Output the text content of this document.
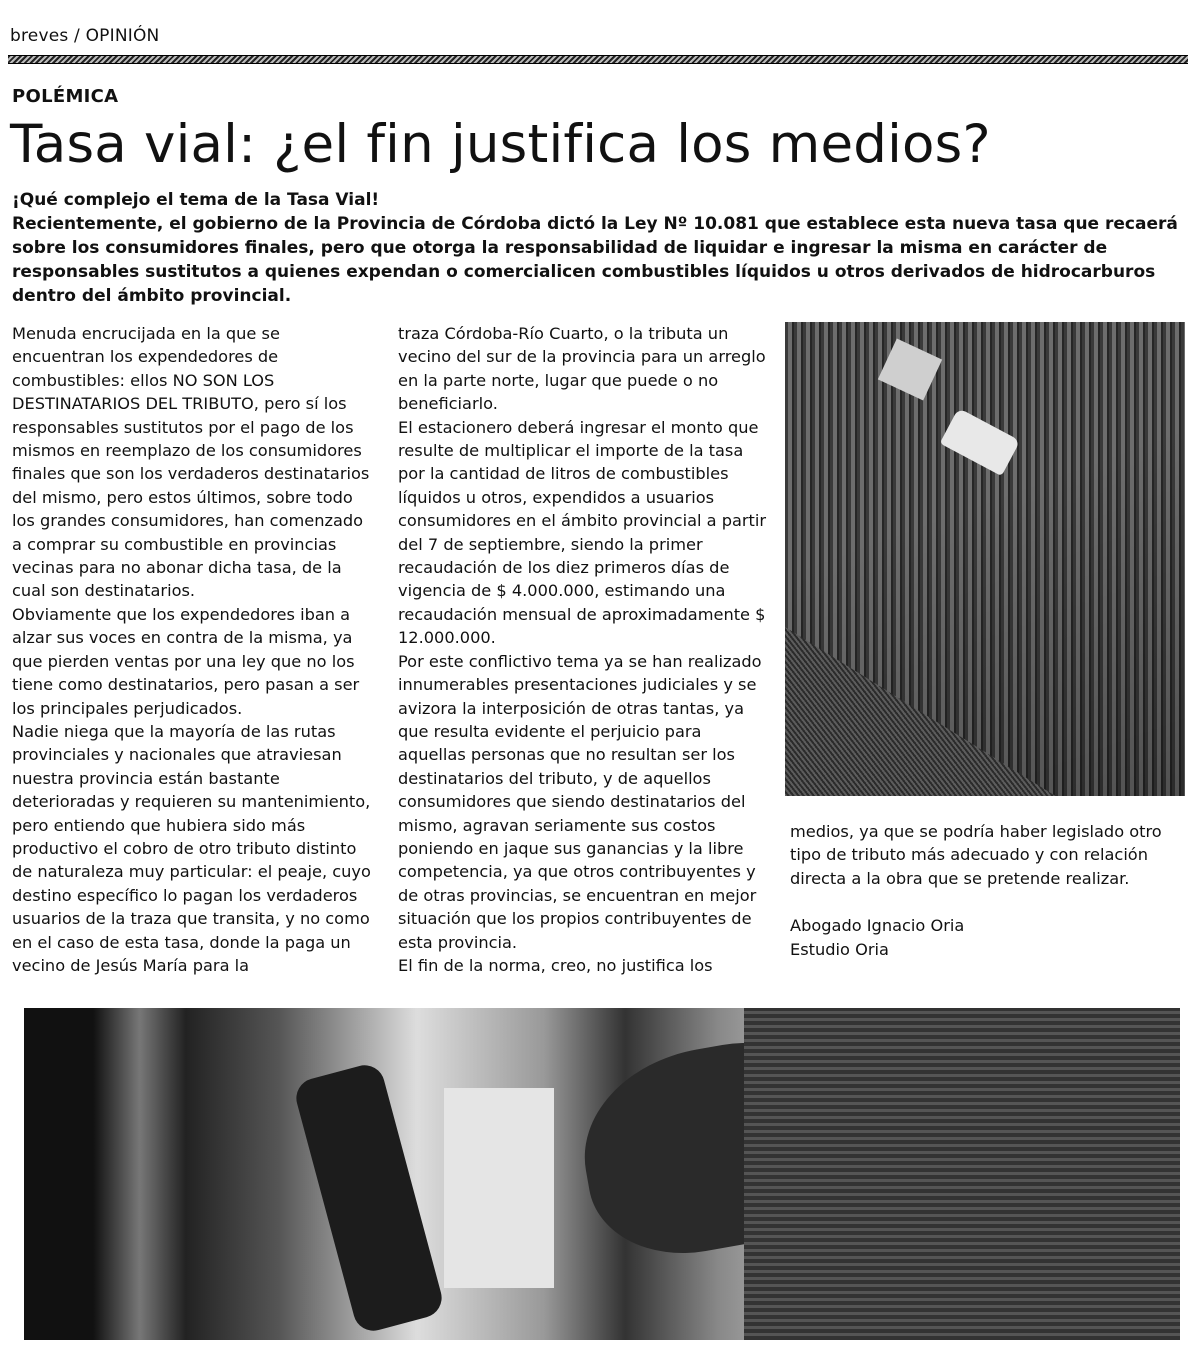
breves / OPINIÓN
POLÉMICA
Tasa vial: ¿el fin justifica los medios?

¡Qué complejo el tema de la Tasa Vial!

Recientemente, el gobierno de la Provincia de Córdoba dictó la Ley Nº 10.081 que establece esta nueva tasa que recaerá sobre los consumidores finales, pero que otorga la responsabilidad de liquidar e ingresar la misma en carácter de responsables sustitutos a quienes expendan o comercialicen combustibles líquidos u otros derivados de hidrocarburos dentro del ámbito provincial.

Menuda encrucijada en la que se encuentran los expendedores de combustibles: ellos NO SON LOS DESTINATARIOS DEL TRIBUTO, pero sí los responsables sustitutos por el pago de los mismos en reemplazo de los consumidores finales que son los verdaderos destinatarios del mismo, pero estos últimos, sobre todo los grandes consumidores, han comenzado a comprar su combustible en provincias vecinas para no abonar dicha tasa, de la cual son destinatarios.

Obviamente que los expendedores iban a alzar sus voces en contra de la misma, ya que pierden ventas por una ley que no los tiene como destinatarios, pero pasan a ser los principales perjudicados.

Nadie niega que la mayoría de las rutas provinciales y nacionales que atraviesan nuestra provincia están bastante deterioradas y requieren su mantenimiento, pero entiendo que hubiera sido más productivo el cobro de otro tributo distinto de naturaleza muy particular: el peaje, cuyo destino específico lo pagan los verdaderos usuarios de la traza que transita, y no como en el caso de esta tasa, donde la paga un vecino de Jesús María para la

traza Córdoba-Río Cuarto, o la tributa un vecino del sur de la provincia para un arreglo en la parte norte, lugar que puede o no beneficiarlo.

El estacionero deberá ingresar el monto que resulte de multiplicar el importe de la tasa por la cantidad de litros de combustibles líquidos u otros, expendidos a usuarios consumidores en el ámbito provincial a partir del 7 de septiembre, siendo la primer recaudación de los diez primeros días de vigencia de $ 4.000.000, estimando una recaudación mensual de aproximadamente $ 12.000.000.

Por este conflictivo tema ya se han realizado innumerables presentaciones judiciales y se avizora la interposición de otras tantas, ya que resulta evidente el perjuicio para aquellas personas que no resultan ser los destinatarios del tributo, y de aquellos consumidores que siendo destinatarios del mismo, agravan seriamente sus costos poniendo en jaque sus ganancias y la libre competencia, ya que otros contribuyentes y de otras provincias, se encuentran en mejor situación que los propios contribuyentes de esta provincia.

El fin de la norma, creo, no justifica los

medios, ya que se podría haber legislado otro tipo de tributo más adecuado y con relación directa a la obra que se pretende realizar.

Abogado Ignacio Oria

Estudio Oria
